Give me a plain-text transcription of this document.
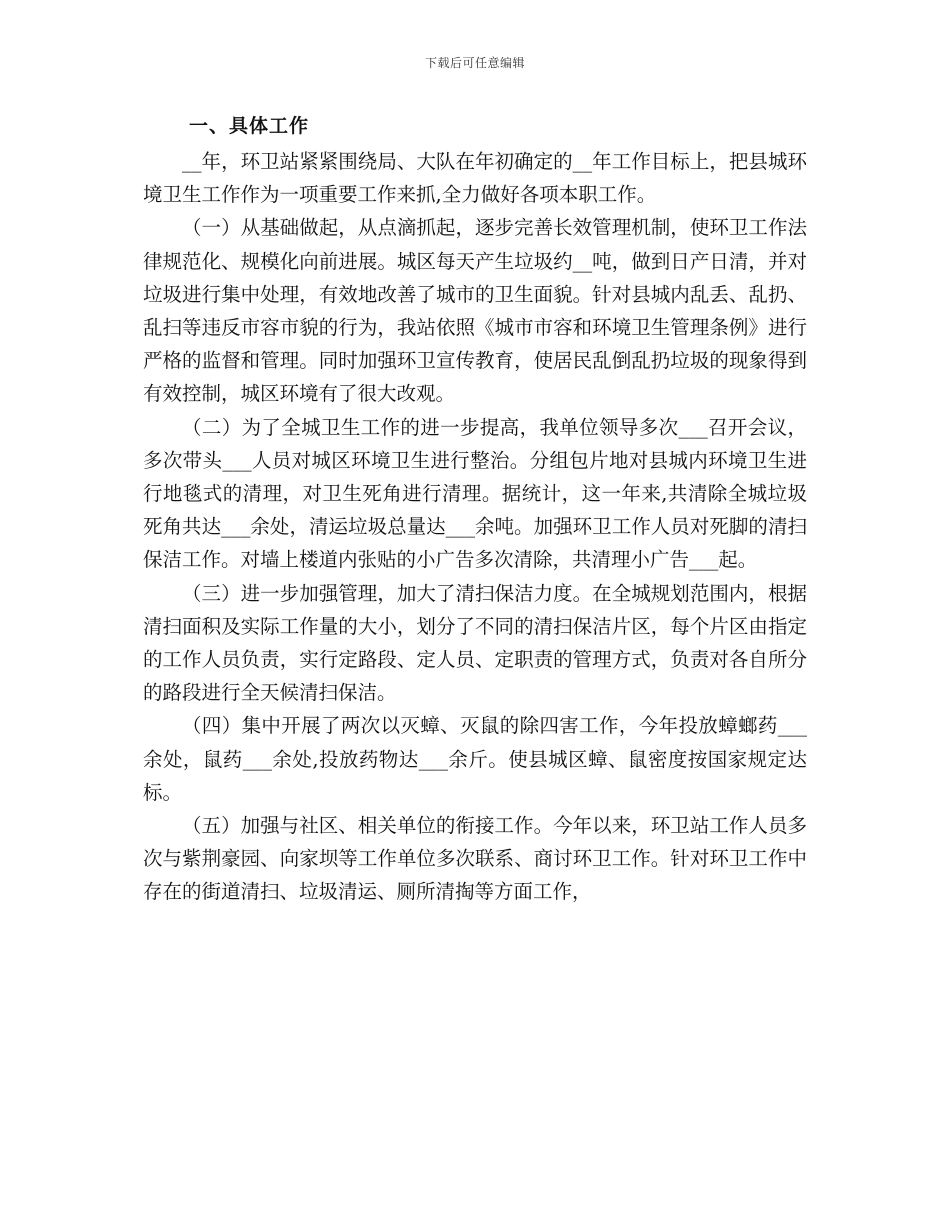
下载后可任意编辑
一、具体工作

__年，环卫站紧紧围绕局、大队在年初确定的__年工作目标上，把县城环境卫生工作作为一项重要工作来抓,全力做好各项本职工作。

（一）从基础做起，从点滴抓起，逐步完善长效管理机制，使环卫工作法律规范化、规模化向前进展。城区每天产生垃圾约__吨，做到日产日清，并对垃圾进行集中处理，有效地改善了城市的卫生面貌。针对县城内乱丢、乱扔、乱扫等违反市容市貌的行为，我站依照《城市市容和环境卫生管理条例》进行严格的监督和管理。同时加强环卫宣传教育，使居民乱倒乱扔垃圾的现象得到有效控制，城区环境有了很大改观。

（二）为了全城卫生工作的进一步提高，我单位领导多次___召开会议，多次带头___人员对城区环境卫生进行整治。分组包片地对县城内环境卫生进行地毯式的清理，对卫生死角进行清理。据统计，这一年来,共清除全城垃圾死角共达___余处，清运垃圾总量达___余吨。加强环卫工作人员对死脚的清扫保洁工作。对墙上楼道内张贴的小广告多次清除，共清理小广告___起。

（三）进一步加强管理，加大了清扫保洁力度。在全城规划范围内，根据清扫面积及实际工作量的大小，划分了不同的清扫保洁片区，每个片区由指定的工作人员负责，实行定路段、定人员、定职责的管理方式，负责对各自所分的路段进行全天候清扫保洁。

（四）集中开展了两次以灭蟑、灭鼠的除四害工作，今年投放蟑螂药___余处，鼠药___余处,投放药物达___余斤。使县城区蟑、鼠密度按国家规定达标。

（五）加强与社区、相关单位的衔接工作。今年以来，环卫站工作人员多次与紫荆豪园、向家坝等工作单位多次联系、商讨环卫工作。针对环卫工作中存在的街道清扫、垃圾清运、厕所清掏等方面工作，
